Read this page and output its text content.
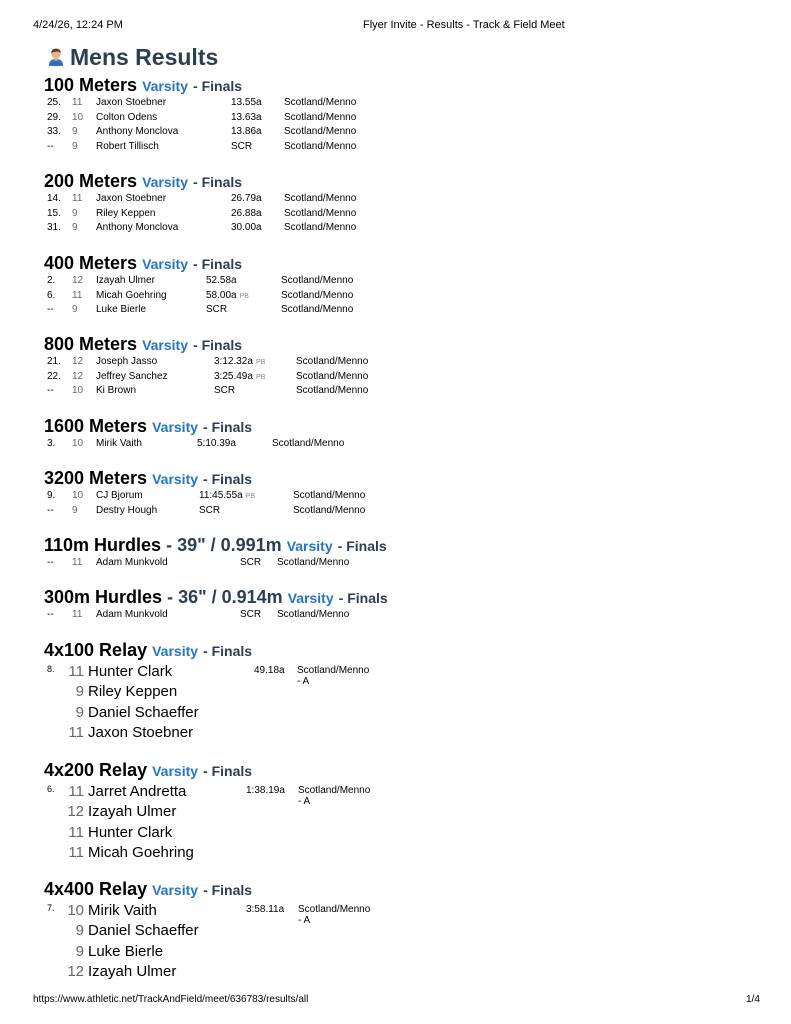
4/24/26, 12:24 PM	Flyer Invite - Results - Track & Field Meet
Mens Results
100 Meters Varsity - Finals
25. 11 Jaxon Stoebner	13.55a Scotland/Menno
29. 10 Colton Odens	13.63a Scotland/Menno
33. 9 Anthony Monclova	13.86a Scotland/Menno
-- 9 Robert Tillisch	SCR	Scotland/Menno
200 Meters Varsity - Finals
14. 11 Jaxon Stoebner	26.79a Scotland/Menno
15. 9 Riley Keppen	26.88a Scotland/Menno
31. 9 Anthony Monclova	30.00a Scotland/Menno
400 Meters Varsity - Finals
2. 12 Izayah Ulmer	52.58a	Scotland/Menno
6. 11 Micah Goehring	58.00a PB	Scotland/Menno
-- 9 Luke Bierle	SCR	Scotland/Menno
800 Meters Varsity - Finals
21. 12 Joseph Jasso	3:12.32a PB	Scotland/Menno
22. 12 Jeffrey Sanchez	3:25.49a PB	Scotland/Menno
-- 10 Ki Brown	SCR	Scotland/Menno
1600 Meters Varsity - Finals
3. 10 Mirik Vaith	5:10.39a	Scotland/Menno
3200 Meters Varsity - Finals
9. 10 CJ Bjorum	11:45.55a PB	Scotland/Menno
-- 9 Destry Hough	SCR	Scotland/Menno
110m Hurdles - 39" / 0.991m Varsity - Finals
-- 11 Adam Munkvold	SCR Scotland/Menno
300m Hurdles - 36" / 0.914m Varsity - Finals
-- 11 Adam Munkvold	SCR Scotland/Menno
4x100 Relay Varsity - Finals
8.	49.18a Scotland/Menno - A
11 Hunter Clark
9 Riley Keppen
9 Daniel Schaeffer
11 Jaxon Stoebner
4x200 Relay Varsity - Finals
6.	1:38.19a Scotland/Menno - A
11 Jarret Andretta
12 Izayah Ulmer
11 Hunter Clark
11 Micah Goehring
4x400 Relay Varsity - Finals
7.	3:58.11a Scotland/Menno - A
10 Mirik Vaith
9 Daniel Schaeffer
9 Luke Bierle
12 Izayah Ulmer
https://www.athletic.net/TrackAndField/meet/636783/results/all	1/4
